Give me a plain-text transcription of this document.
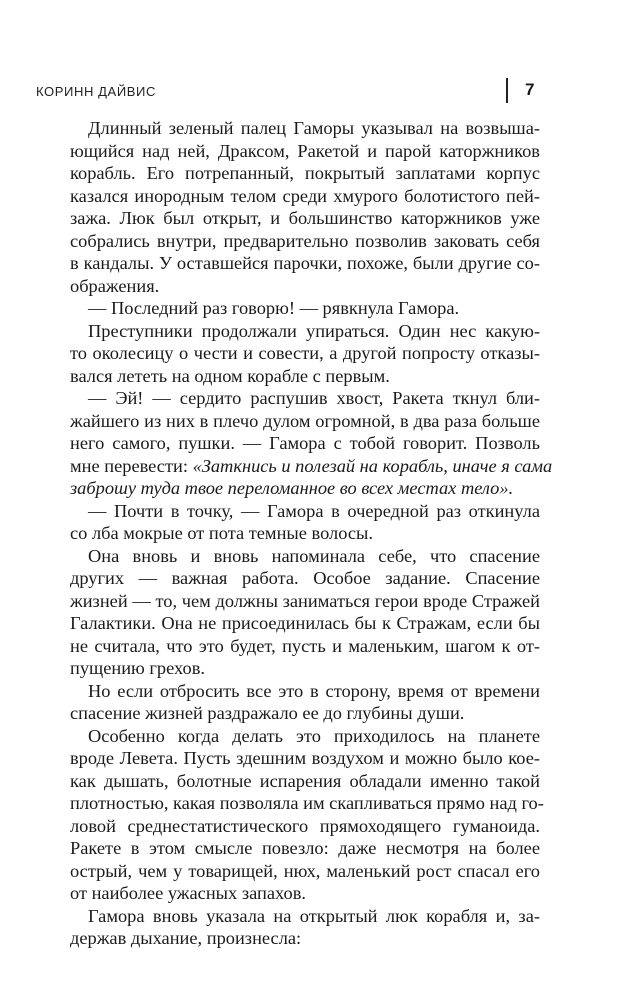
КОРИНН ДАЙВИС	7
Длинный зеленый палец Гаморы указывал на возвыша-
ющийся над ней, Драксом, Ракетой и парой каторжников
корабль. Его потрепанный, покрытый заплатами корпус
казался инородным телом среди хмурого болотистого пей-
зажа. Люк был открыт, и большинство каторжников уже
собрались внутри, предварительно позволив заковать себя
в кандалы. У оставшейся парочки, похоже, были другие со-
ображения.
— Последний раз говорю! — рявкнула Гамора.
Преступники продолжали упираться. Один нес какую-
то околесицу о чести и совести, а другой попросту отказы-
вался лететь на одном корабле с первым.
— Эй! — сердито распушив хвост, Ракета ткнул бли-
жайшего из них в плечо дулом огромной, в два раза больше
него самого, пушки. — Гамора с тобой говорит. Позволь
мне перевести: «Заткнись и полезай на корабль, иначе я сама
заброшу туда твое переломанное во всех местах тело».
— Почти в точку, — Гамора в очередной раз откинула
со лба мокрые от пота темные волосы.
Она вновь и вновь напоминала себе, что спасение
других — важная работа. Особое задание. Спасение
жизней — то, чем должны заниматься герои вроде Стражей
Галактики. Она не присоединилась бы к Стражам, если бы
не считала, что это будет, пусть и маленьким, шагом к от-
пущению грехов.
Но если отбросить все это в сторону, время от времени
спасение жизней раздражало ее до глубины души.
Особенно когда делать это приходилось на планете
вроде Левета. Пусть здешним воздухом и можно было кое-
как дышать, болотные испарения обладали именно такой
плотностью, какая позволяла им скапливаться прямо над го-
ловой среднестатистического прямоходящего гуманоида.
Ракете в этом смысле повезло: даже несмотря на более
острый, чем у товарищей, нюх, маленький рост спасал его
от наиболее ужасных запахов.
Гамора вновь указала на открытый люк корабля и, за-
держав дыхание, произнесла:
